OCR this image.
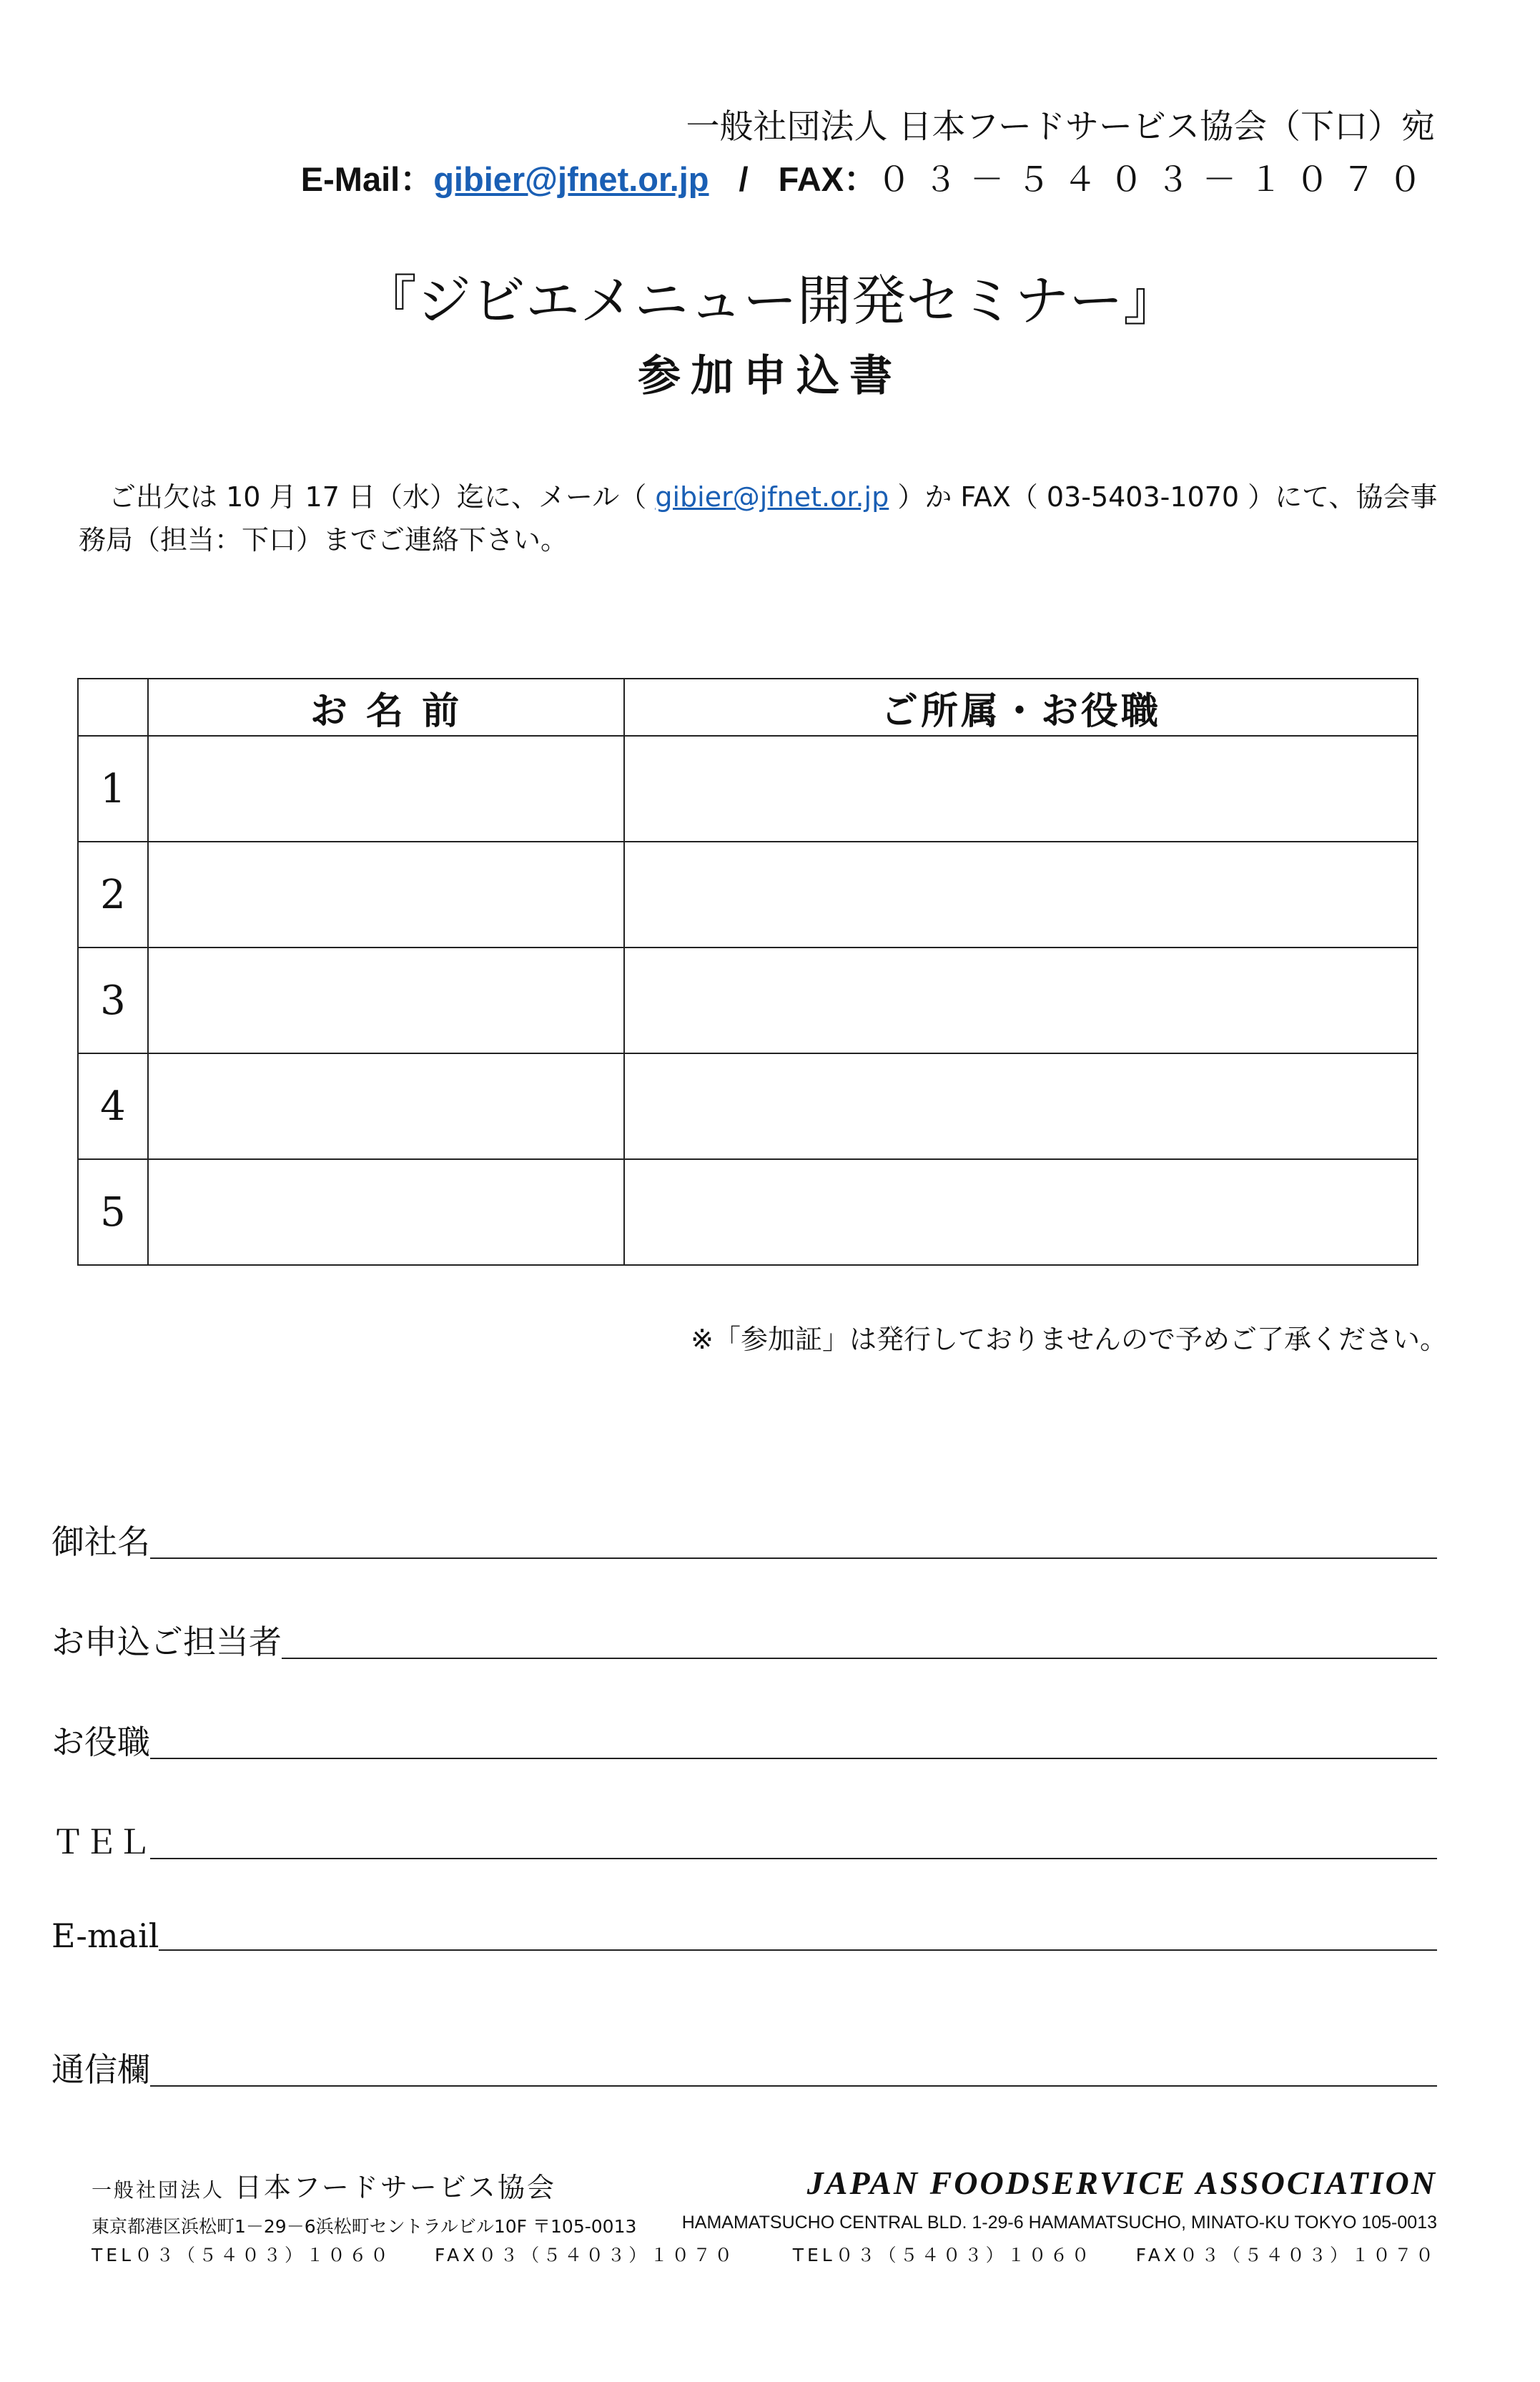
一般社団法人 日本フードサービス協会（下口）宛
E-Mail：gibier@jfnet.or.jp / FAX：０３－５４０３－１０７０
『ジビエメニュー開発セミナー』
参加申込書
ご出欠は 10 月 17 日（水）迄に、メール（ gibier@jfnet.or.jp ）か FAX（ 03-5403-1070 ）にて、協会事務局（担当：下口）までご連絡下さい。
	お 名 前	ご所属・お役職
1		
2		
3		
4		
5		
※「参加証」は発行しておりませんので予めご了承ください。
御社名
お申込ご担当者
お役職
ＴＥＬ
E-mail
通信欄
一般社団法人 日本フードサービス協会
東京都港区浜松町1－29－6浜松町セントラルビル10F 〒105-0013
TEL０３（５４０３）１０６０　　FAX０３（５４０３）１０７０
JAPAN FOODSERVICE ASSOCIATION
HAMAMATSUCHO CENTRAL BLD. 1-29-6 HAMAMATSUCHO, MINATO-KU TOKYO 105-0013
TEL０３（５４０３）１０６０　　FAX０３（５４０３）１０７０
